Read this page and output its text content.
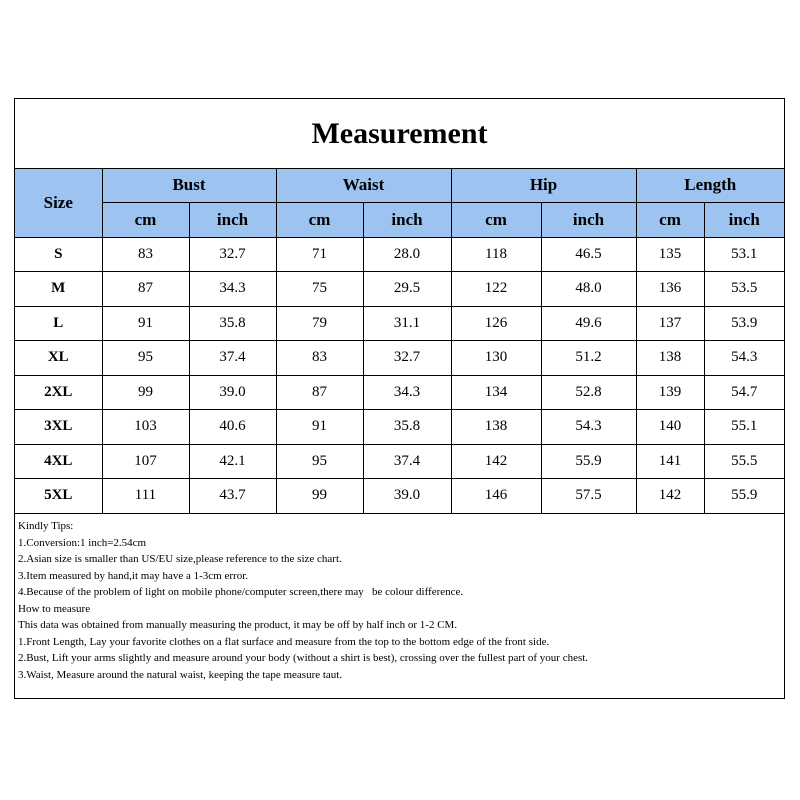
Measurement
Size	Bust		Waist		Hip		Length	
	cm	inch	cm	inch	cm	inch	cm	inch
S	83	32.7	71	28.0	118	46.5	135	53.1
M	87	34.3	75	29.5	122	48.0	136	53.5
L	91	35.8	79	31.1	126	49.6	137	53.9
XL	95	37.4	83	32.7	130	51.2	138	54.3
2XL	99	39.0	87	34.3	134	52.8	139	54.7
3XL	103	40.6	91	35.8	138	54.3	140	55.1
4XL	107	42.1	95	37.4	142	55.9	141	55.5
5XL	111	43.7	99	39.0	146	57.5	142	55.9
Kindly Tips:
1.Conversion:1 inch=2.54cm
2.Asian size is smaller than US/EU size,please reference to the size chart.
3.Item measured by hand,it may have a 1-3cm error.
4.Because of the problem of light on mobile phone/computer screen,there may   be colour difference.
How to measure
This data was obtained from manually measuring the product, it may be off by half inch or 1-2 CM.
1.Front Length, Lay your favorite clothes on a flat surface and measure from the top to the bottom edge of the front side.
2.Bust, Lift your arms slightly and measure around your body (without a shirt is best), crossing over the fullest part of your chest.
3.Waist, Measure around the natural waist, keeping the tape measure taut.
